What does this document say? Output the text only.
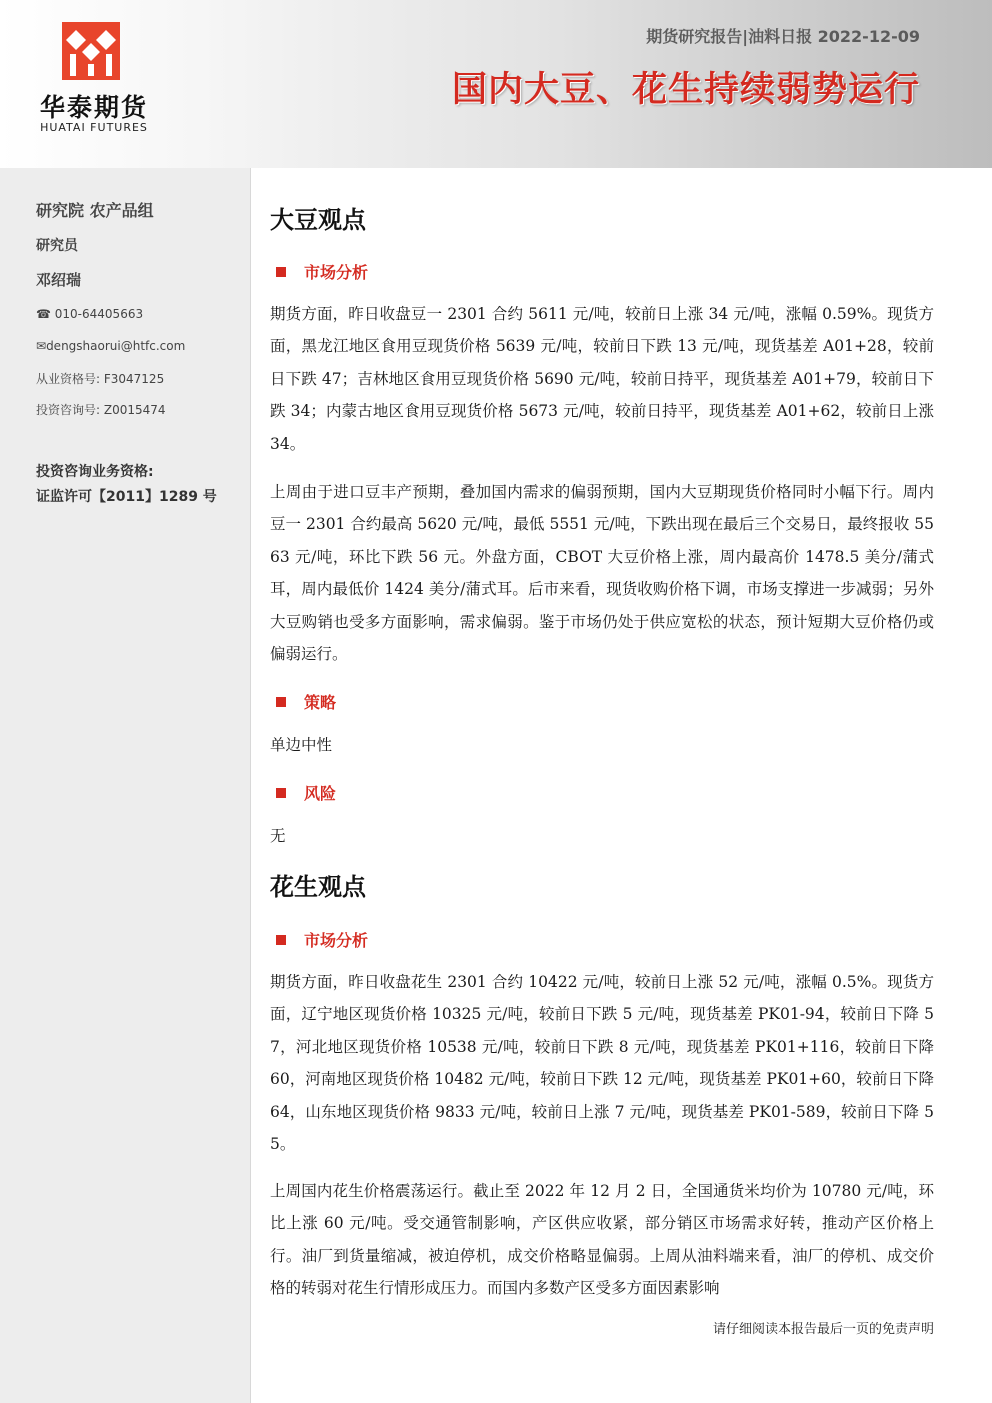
华泰期货
HUATAI FUTURES
期货研究报告|油料日报 2022-12-09
国内大豆、花生持续弱势运行
研究院 农产品组
研究员
邓绍瑞
☎ 010-64405663
✉dengshaorui@htfc.com
从业资格号: F3047125
投资咨询号: Z0015474
投资咨询业务资格:
证监许可【2011】1289 号
大豆观点
市场分析
期货方面，昨日收盘豆一 2301 合约 5611 元/吨，较前日上涨 34 元/吨，涨幅 0.59%。现货方面，黑龙江地区食用豆现货价格 5639 元/吨，较前日下跌 13 元/吨，现货基差 A01+28，较前日下跌 47；吉林地区食用豆现货价格 5690 元/吨，较前日持平，现货基差 A01+79，较前日下跌 34；内蒙古地区食用豆现货价格 5673 元/吨，较前日持平，现货基差 A01+62，较前日上涨 34。
上周由于进口豆丰产预期，叠加国内需求的偏弱预期，国内大豆期现货价格同时小幅下行。周内豆一 2301 合约最高 5620 元/吨，最低 5551 元/吨，下跌出现在最后三个交易日，最终报收 5563 元/吨，环比下跌 56 元。外盘方面，CBOT 大豆价格上涨，周内最高价 1478.5 美分/蒲式耳，周内最低价 1424 美分/蒲式耳。后市来看，现货收购价格下调，市场支撑进一步减弱；另外大豆购销也受多方面影响，需求偏弱。鉴于市场仍处于供应宽松的状态，预计短期大豆价格仍或偏弱运行。
策略
单边中性
风险
无
花生观点
市场分析
期货方面，昨日收盘花生 2301 合约 10422 元/吨，较前日上涨 52 元/吨，涨幅 0.5%。现货方面，辽宁地区现货价格 10325 元/吨，较前日下跌 5 元/吨，现货基差 PK01-94，较前日下降 57，河北地区现货价格 10538 元/吨，较前日下跌 8 元/吨，现货基差 PK01+116，较前日下降 60，河南地区现货价格 10482 元/吨，较前日下跌 12 元/吨，现货基差 PK01+60，较前日下降 64，山东地区现货价格 9833 元/吨，较前日上涨 7 元/吨，现货基差 PK01-589，较前日下降 55。
上周国内花生价格震荡运行。截止至 2022 年 12 月 2 日，全国通货米均价为 10780 元/吨，环比上涨 60 元/吨。受交通管制影响，产区供应收紧，部分销区市场需求好转，推动产区价格上行。油厂到货量缩减，被迫停机，成交价格略显偏弱。上周从油料端来看，油厂的停机、成交价格的转弱对花生行情形成压力。而国内多数产区受多方面因素影响
请仔细阅读本报告最后一页的免责声明
